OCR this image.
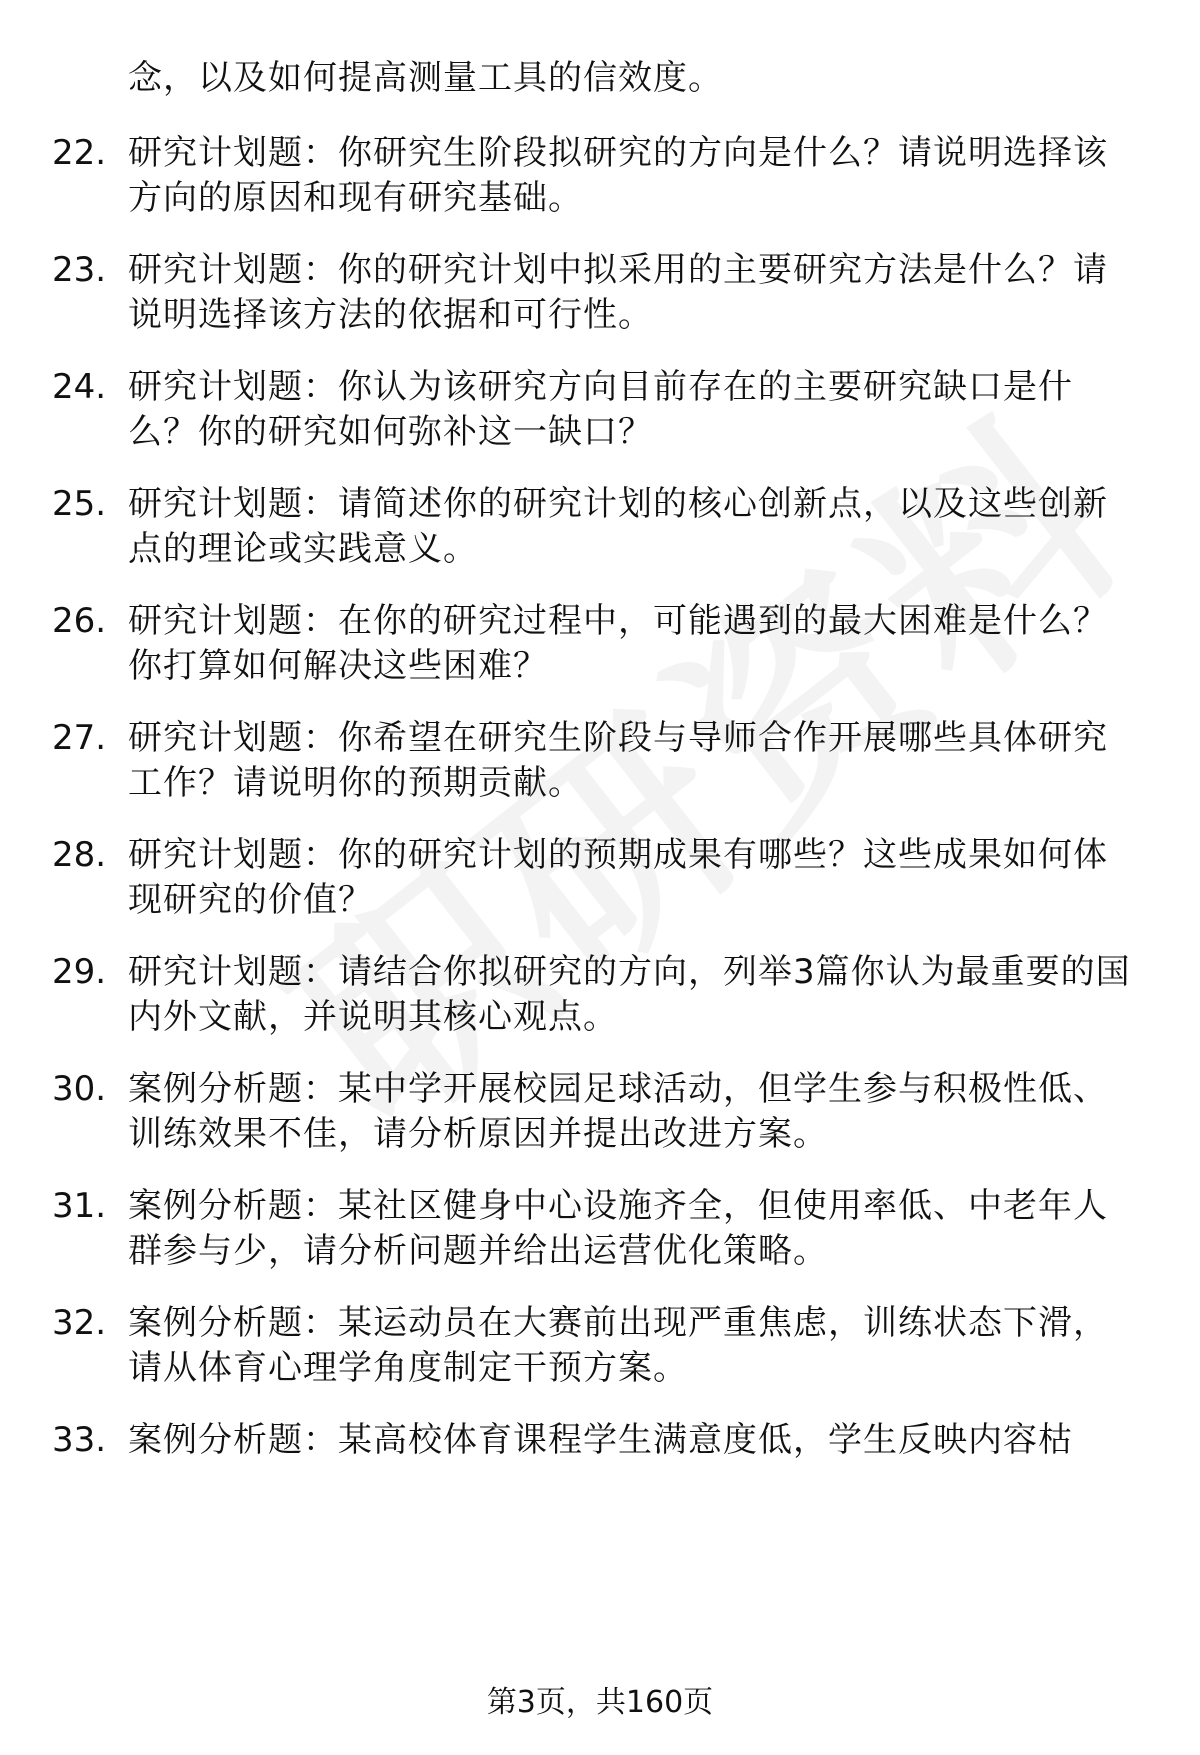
念，以及如何提高测量工具的信效度。
22. 研究计划题：你研究生阶段拟研究的方向是什么？请说明选择该
方向的原因和现有研究基础。
23. 研究计划题：你的研究计划中拟采用的主要研究方法是什么？请
说明选择该方法的依据和可行性。
24. 研究计划题：你认为该研究方向目前存在的主要研究缺口是什
么？你的研究如何弥补这一缺口？
25. 研究计划题：请简述你的研究计划的核心创新点，以及这些创新
点的理论或实践意义。
26. 研究计划题：在你的研究过程中，可能遇到的最大困难是什么？
你打算如何解决这些困难？
27. 研究计划题：你希望在研究生阶段与导师合作开展哪些具体研究
工作？请说明你的预期贡献。
28. 研究计划题：你的研究计划的预期成果有哪些？这些成果如何体
现研究的价值？
29. 研究计划题：请结合你拟研究的方向，列举3篇你认为最重要的国
内外文献，并说明其核心观点。
30. 案例分析题：某中学开展校园足球活动，但学生参与积极性低、
训练效果不佳，请分析原因并提出改进方案。
31. 案例分析题：某社区健身中心设施齐全，但使用率低、中老年人
群参与少，请分析问题并给出运营优化策略。
32. 案例分析题：某运动员在大赛前出现严重焦虑，训练状态下滑，
请从体育心理学角度制定干预方案。
33. 案例分析题：某高校体育课程学生满意度低，学生反映内容枯
第3页，共160页
